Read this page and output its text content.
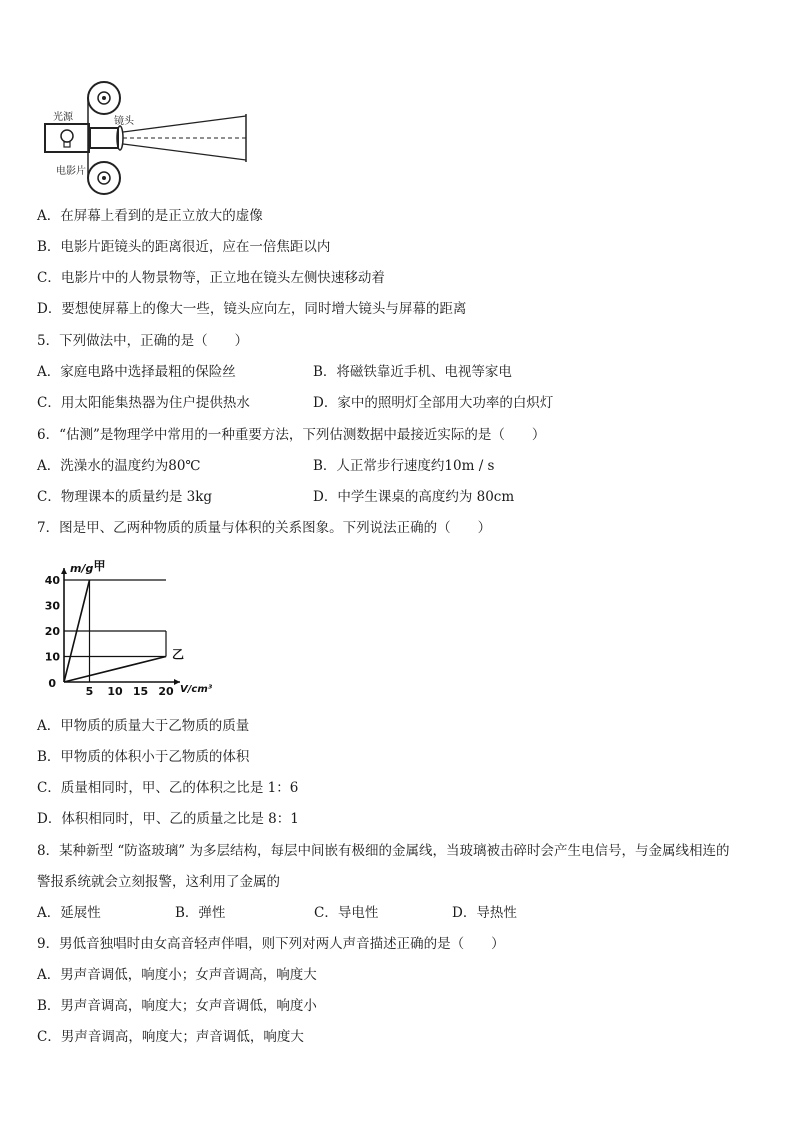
光源	镜头
电影片
A．在屏幕上看到的是正立放大的虚像
B．电影片距镜头的距离很近，应在一倍焦距以内
C．电影片中的人物景物等，正立地在镜头左侧快速移动着
D．要想使屏幕上的像大一些，镜头应向左，同时增大镜头与屏幕的距离
5．下列做法中，正确的是（　　）
A．家庭电路中选择最粗的保险丝	B．将磁铁靠近手机、电视等家电
C．用太阳能集热器为住户提供热水	D．家中的照明灯全部用大功率的白炽灯
6．“估测”是物理学中常用的一种重要方法，下列估测数据中最接近实际的是（　　）
A．洗澡水的温度约为80℃	B．人正常步行速度约10m / s
C．物理课本的质量约是 3kg	D．中学生课桌的高度约为 80cm
7．图是甲、乙两种物质的质量与体积的关系图象。下列说法正确的（　　）
5 10 15 20
10
20
30
40
0
m/g
V/cm³
甲
乙
A．甲物质的质量大于乙物质的质量
B．甲物质的体积小于乙物质的体积
C．质量相同时，甲、乙的体积之比是 1：6
D．体积相同时，甲、乙的质量之比是 8：1
8．某种新型 “防盗玻璃” 为多层结构，每层中间嵌有极细的金属线，当玻璃被击碎时会产生电信号，与金属线相连的
警报系统就会立刻报警，这利用了金属的
A．延展性	B．弹性	C．导电性	D．导热性
9．男低音独唱时由女高音轻声伴唱，则下列对两人声音描述正确的是（　　）
A．男声音调低，响度小；女声音调高，响度大
B．男声音调高，响度大；女声音调低，响度小
C．男声音调高，响度大；声音调低，响度大
